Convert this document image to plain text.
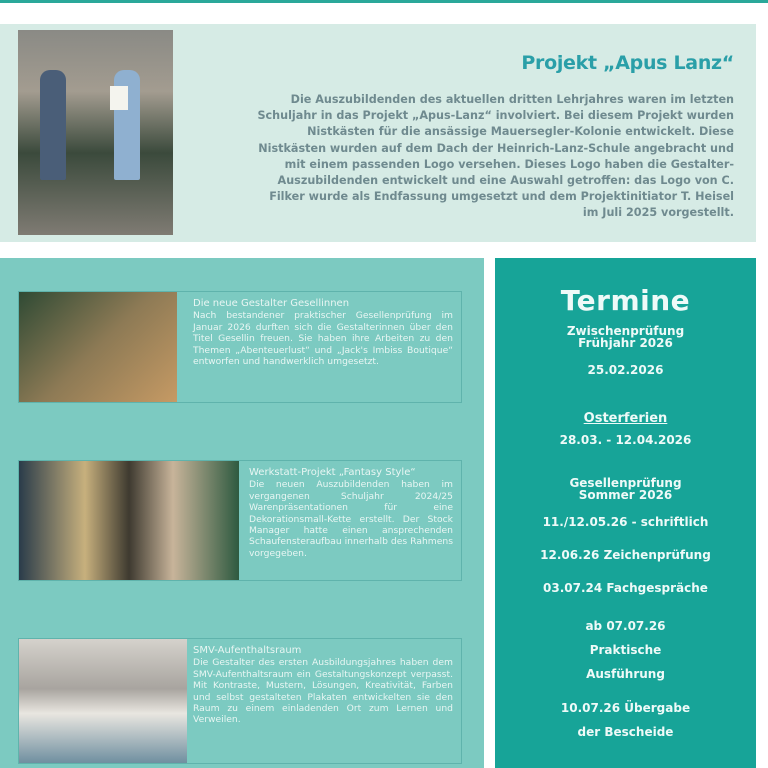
Projekt „Apus Lanz“

Die Auszubildenden des aktuellen dritten Lehrjahres waren im letzten Schuljahr in das Projekt „Apus-Lanz“ involviert. Bei diesem Projekt wurden Nistkästen für die ansässige Mauersegler-Kolonie entwickelt. Diese Nistkästen wurden auf dem Dach der Heinrich-Lanz-Schule angebracht und mit einem passenden Logo versehen. Dieses Logo haben die Gestalter-Auszubildenden entwickelt und eine Auswahl getroffen: das Logo von C. Filker wurde als Endfassung umgesetzt und dem Projektinitiator T. Heisel im Juli 2025 vorgestellt.

Die neue Gestalter Gesellinnen
Nach bestandener praktischer Gesellenprüfung im Januar 2026 durften sich die Gestalterinnen über den Titel Gesellin freuen. Sie haben ihre Arbeiten zu den Themen „Abenteuerlust“ und „Jack's Imbiss Boutique“ entworfen und handwerklich umgesetzt.
Werkstatt-Projekt „Fantasy Style“
Die neuen Auszubildenden haben im vergangenen Schuljahr 2024/25 Warenpräsentationen für eine Dekorationsmall-Kette erstellt. Der Stock Manager hatte einen ansprechenden Schaufensteraufbau innerhalb des Rahmens vorgegeben.
SMV-Aufenthaltsraum
Die Gestalter des ersten Ausbildungsjahres haben dem SMV-Aufenthaltsraum ein Gestaltungskonzept verpasst. Mit Kontraste, Mustern, Lösungen, Kreativität, Farben und selbst gestalteten Plakaten entwickelten sie den Raum zu einem einladenden Ort zum Lernen und Verweilen.
Termine
Zwischenprüfung Frühjahr 2026
25.02.2026
Osterferien
28.03. - 12.04.2026
Gesellenprüfung Sommer 2026
11./12.05.26 - schriftlich
12.06.26 Zeichenprüfung
03.07.24 Fachgespräche
ab 07.07.26 Praktische Ausführung
10.07.26 Übergabe der Bescheide
